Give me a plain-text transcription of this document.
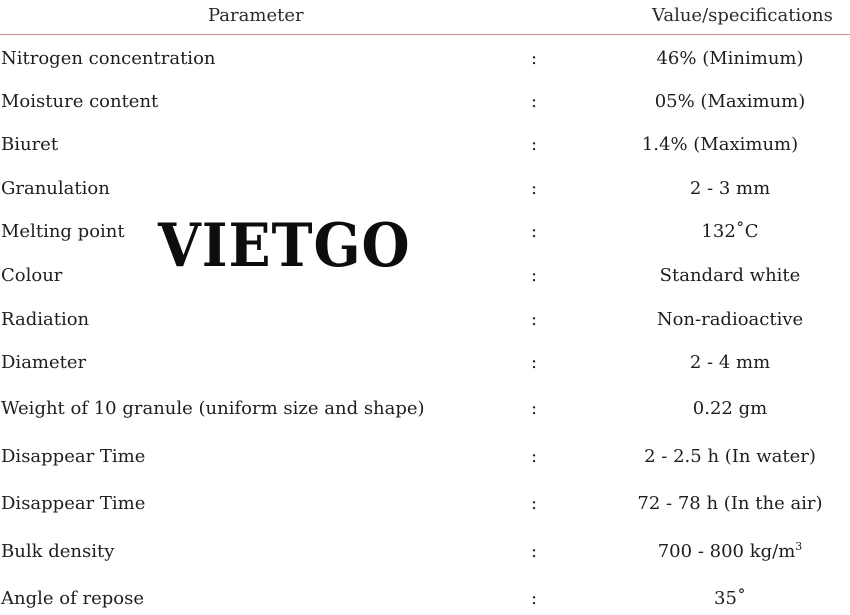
Parameter	Value/specifications
Nitrogen concentration	:	46% (Minimum)
Moisture content	:	05% (Maximum)
Biuret	:	1.4% (Maximum)
Granulation	:	2 - 3 mm
Melting point	:	132˚C
Colour	:	Standard white
Radiation	:	Non-radioactive
Diameter	:	2 - 4 mm
Weight of 10 granule (uniform size and shape)	:	0.22 gm
Disappear Time	:	2 - 2.5 h (In water)
Disappear Time	:	72 - 78 h (In the air)
Bulk density	:	700 - 800 $kg/m^3$
Angle of repose	:	35˚
VIETGO
